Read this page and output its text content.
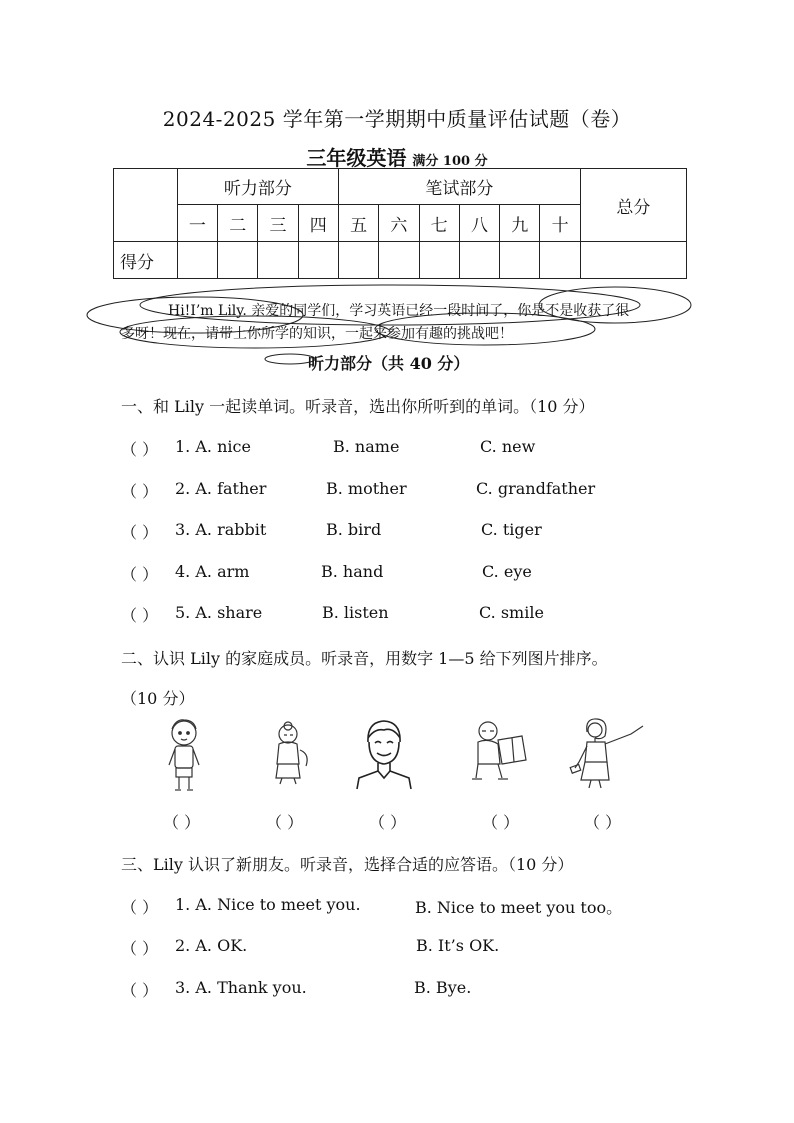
2024-2025 学年第一学期期中质量评估试题（卷）
三年级英语 满分 100 分
	听力部分				笔试部分						总分
	一	二	三	四	五	六	七	八	九	十	
得分											
Hi!I’m Lily. 亲爱的同学们，学习英语已经一段时间了，你是不是收获了很
多呀！现在，请带上你所学的知识，一起来参加有趣的挑战吧！
听力部分（共 40 分）
一、和 Lily 一起读单词。听录音，选出你所听到的单词。（10 分）
（ ） 1. A. nice	B. name	C. new
（ ） 2. A. father	B. mother	C. grandfather
（ ） 3. A. rabbit	B. bird	C. tiger
（ ） 4. A. arm	B. hand	C. eye
（ ） 5. A. share	B. listen	C. smile
二、认识 Lily 的家庭成员。听录音，用数字 1—5 给下列图片排序。
（10 分）
（ ）	（ ）	（ ）	（ ）	（ ）
三、Lily 认识了新朋友。听录音，选择合适的应答语。（10 分）
（ ） 1. A. Nice to meet you.	B. Nice to meet you too。
（ ） 2. A. OK.	B. It’s OK.
（ ） 3. A. Thank you.	B. Bye.
